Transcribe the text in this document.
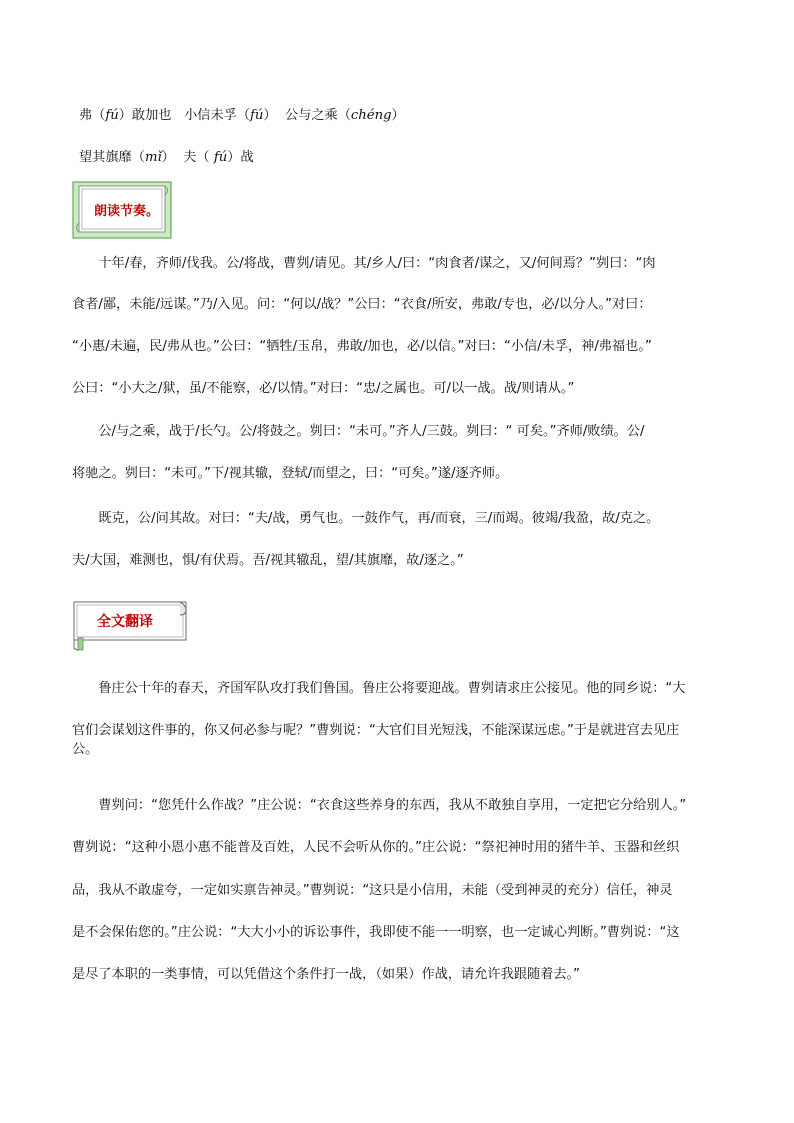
弗（fú）敢加也 小信未孚（fú） 公与之乘（chéng）
望其旗靡（mǐ） 夫（ fú）战
朗读节奏。
　　十年/春，齐师/伐我。公/将战，曹刿/请见。其/乡人/曰：“肉食者/谋之，又/何间焉？”刿曰：“肉
食者/鄙，未能/远谋。”乃/入见。问：“何以/战？”公曰：“衣食/所安，弗敢/专也，必/以分人。”对曰：
“小惠/未遍，民/弗从也。”公曰：“牺牲/玉帛，弗敢/加也，必/以信。”对曰：“小信/未孚，神/弗福也。”
公曰：“小大之/狱，虽/不能察，必/以情。”对曰：“忠/之属也。可/以一战。战/则请从。”
　　公/与之乘，战于/长勺。公/将鼓之。刿曰：“未可。”齐人/三鼓。刿曰：“ 可矣。”齐师/败绩。公/
将驰之。刿曰：“未可。”下/视其辙，登轼/而望之，曰：“可矣。”遂/逐齐师。
　　既克，公/问其故。对曰：“夫/战，勇气也。一鼓作气，再/而衰，三/而竭。彼竭/我盈，故/克之。
夫/大国，难测也，惧/有伏焉。吾/视其辙乱，望/其旗靡，故/逐之。”
全文翻译
　　鲁庄公十年的春天，齐国军队攻打我们鲁国。鲁庄公将要迎战。曹刿请求庄公接见。他的同乡说：“大
官们会谋划这件事的，你又何必参与呢？”曹刿说：“大官们目光短浅，不能深谋远虑。”于是就进宫去见庄
公。
　　曹刿问：“您凭什么作战？”庄公说：“衣食这些养身的东西，我从不敢独自享用，一定把它分给别人。”
曹刿说：“这种小恩小惠不能普及百姓，人民不会听从你的。”庄公说：“祭祀神时用的猪牛羊、玉器和丝织
品，我从不敢虚夸，一定如实禀告神灵。”曹刿说：“这只是小信用，未能（受到神灵的充分）信任，神灵
是不会保佑您的。”庄公说：“大大小小的诉讼事件，我即使不能一一明察，也一定诚心判断。”曹刿说：“这
是尽了本职的一类事情，可以凭借这个条件打一战，（如果）作战，请允许我跟随着去。”
